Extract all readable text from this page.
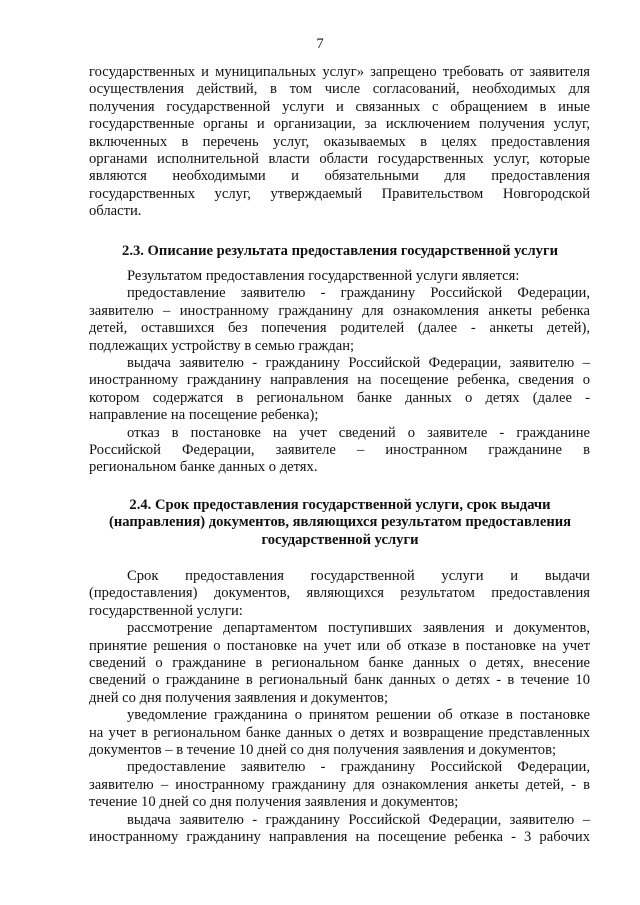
7

государственных и муниципальных услуг» запрещено требовать от заявителя

осуществления действий, в том числе согласований, необходимых для

получения государственной услуги и связанных с обращением в иные

государственные органы и организации, за исключением получения услуг,

включенных в перечень услуг, оказываемых в целях предоставления

органами исполнительной власти области государственных услуг, которые

являются необходимыми и обязательными для предоставления

государственных услуг, утверждаемый Правительством Новгородской

области.

2.3. Описание результата предоставления государственной услуги

Результатом предоставления государственной услуги является:

предоставление заявителю - гражданину Российской Федерации,

заявителю – иностранному гражданину для ознакомления анкеты ребенка

детей, оставшихся без попечения родителей (далее - анкеты детей),

подлежащих устройству в семью граждан;

выдача заявителю - гражданину Российской Федерации, заявителю –

иностранному гражданину направления на посещение ребенка, сведения о

котором содержатся в региональном банке данных о детях (далее -

направление на посещение ребенка);

отказ в постановке на учет сведений о заявителе - гражданине

Российской Федерации, заявителе – иностранном гражданине в

региональном банке данных о детях.

2.4. Срок предоставления государственной услуги, срок выдачи

(направления) документов, являющихся результатом предоставления

государственной услуги

Срок предоставления государственной услуги и выдачи

(предоставления) документов, являющихся результатом предоставления

государственной услуги:

рассмотрение департаментом поступивших заявления и документов,

принятие решения о постановке на учет или об отказе в постановке на учет

сведений о гражданине в региональном банке данных о детях, внесение

сведений о гражданине в региональный банк данных о детях - в течение 10

дней со дня получения заявления и документов;

уведомление гражданина о принятом решении об отказе в постановке

на учет в региональном банке данных о детях и возвращение представленных

документов – в течение 10 дней со дня получения заявления и документов;

предоставление заявителю - гражданину Российской Федерации,

заявителю – иностранному гражданину для ознакомления анкеты детей, - в

течение 10 дней со дня получения заявления и документов;

выдача заявителю - гражданину Российской Федерации, заявителю –

иностранному гражданину направления на посещение ребенка - 3 рабочих
